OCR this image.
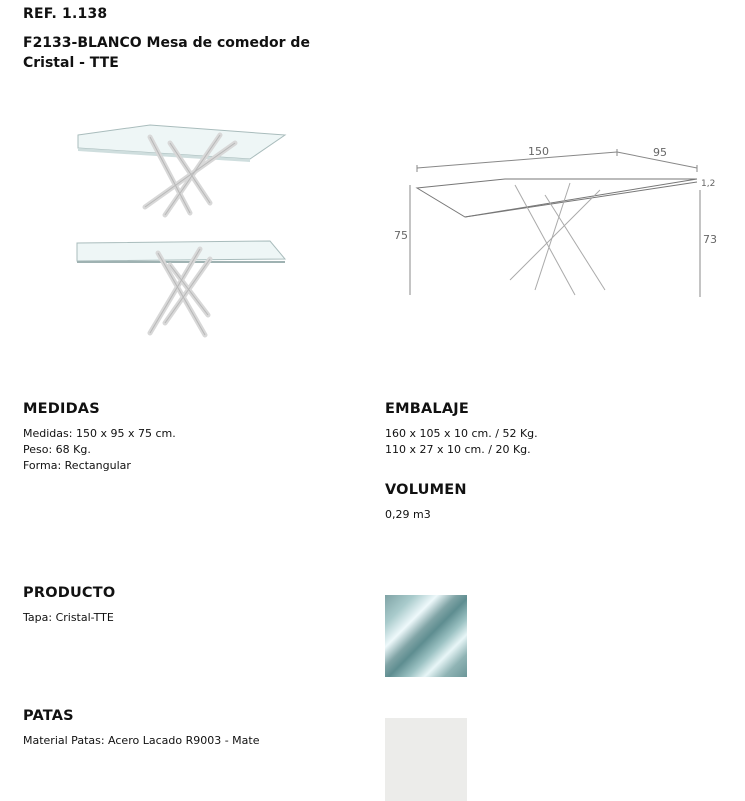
REF. 1.138
F2133-BLANCO Mesa de comedor de Cristal - TTE
150	95
75	73
1,2
MEDIDAS
Medidas: 150 x 95 x 75 cm.
Peso: 68 Kg.
Forma: Rectangular
EMBALAJE
160 x 105 x 10 cm. / 52 Kg.
110 x 27 x 10 cm. / 20 Kg.
VOLUMEN
0,29 m3
PRODUCTO
Tapa: Cristal-TTE
PATAS
Material Patas: Acero Lacado R9003 - Mate
